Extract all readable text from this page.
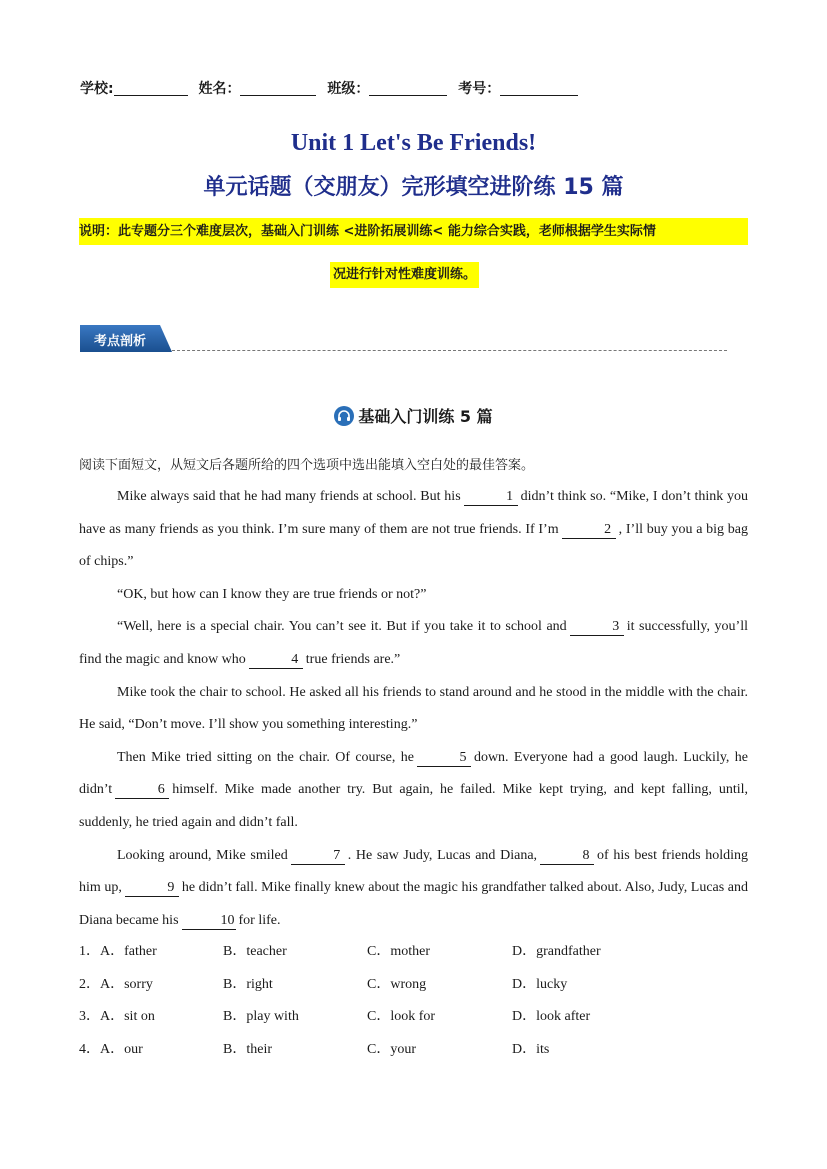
学校:	姓名：	班级：	考号：
Unit 1 Let's Be Friends!
单元话题（交朋友）完形填空进阶练 15 篇
说明：此专题分三个难度层次，基础入门训练 <进阶拓展训练< 能力综合实践，老师根据学生实际情
况进行针对性难度训练。
考点剖析
基础入门训练 5 篇
阅读下面短文，从短文后各题所给的四个选项中选出能填入空白处的最佳答案。

Mike always said that he had many friends at school. But his	1 didn’t think so. “Mike, I don’t think you have as many friends as you think. I’m sure many of them are not true friends. If I’m	2 , I’ll buy you a big bag of chips.”

“OK, but how can I know they are true friends or not?”

“Well, here is a special chair. You can’t see it. But if you take it to school and	3 it successfully, you’ll find the magic and know who	4 true friends are.”

Mike took the chair to school. He asked all his friends to stand around and he stood in the middle with the chair. He said, “Don’t move. I’ll show you something interesting.”

Then Mike tried sitting on the chair. Of course, he	5 down. Everyone had a good laugh. Luckily, he didn’t	6 himself. Mike made another try. But again, he failed. Mike kept trying, and kept falling, until, suddenly, he tried again and didn’t fall.

Looking around, Mike smiled	7 . He saw Judy, Lucas and Diana,	8 of his best friends holding him up,	9 he didn’t fall. Mike finally knew about the magic his grandfather talked about. Also, Judy, Lucas and Diana became his	10 for life.

1．A．father	B．teacher	C．mother	D．grandfather
2．A．sorry	B．right	C．wrong	D．lucky
3．A．sit on	B．play with	C．look for	D．look after
4．A．our	B．their	C．your	D．its
